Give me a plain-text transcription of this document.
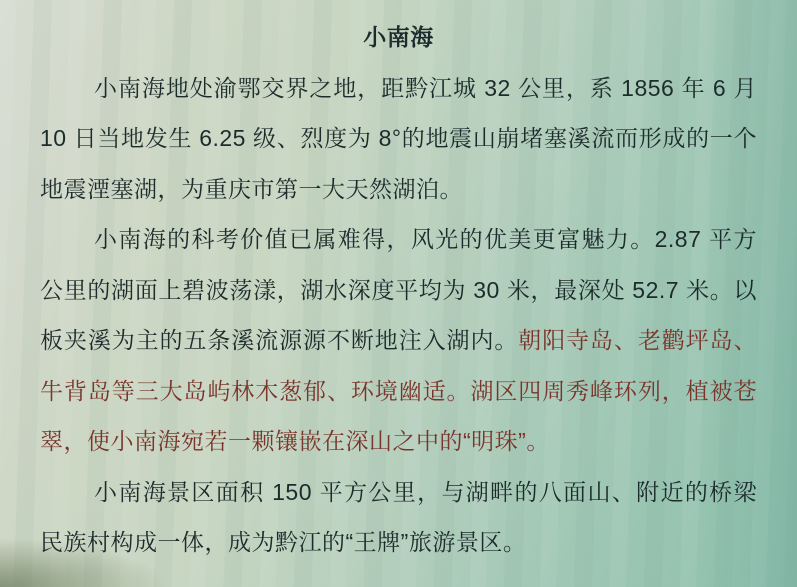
小南海

小南海地处渝鄂交界之地，距黔江城 32 公里，系 1856 年 6 月 10 日当地发生 6.25 级、烈度为 8°的地震山崩堵塞溪流而形成的一个地震湮塞湖，为重庆市第一大天然湖泊。

小南海的科考价值已属难得，风光的优美更富魅力。2.87 平方公里的湖面上碧波荡漾，湖水深度平均为 30 米，最深处 52.7 米。以板夹溪为主的五条溪流源源不断地注入湖内。朝阳寺岛、老鹳坪岛、牛背岛等三大岛屿林木葱郁、环境幽适。湖区四周秀峰环列，植被苍翠，使小南海宛若一颗镶嵌在深山之中的“明珠”。

小南海景区面积 150 平方公里，与湖畔的八面山、附近的桥梁民族村构成一体，成为黔江的“王牌”旅游景区。
